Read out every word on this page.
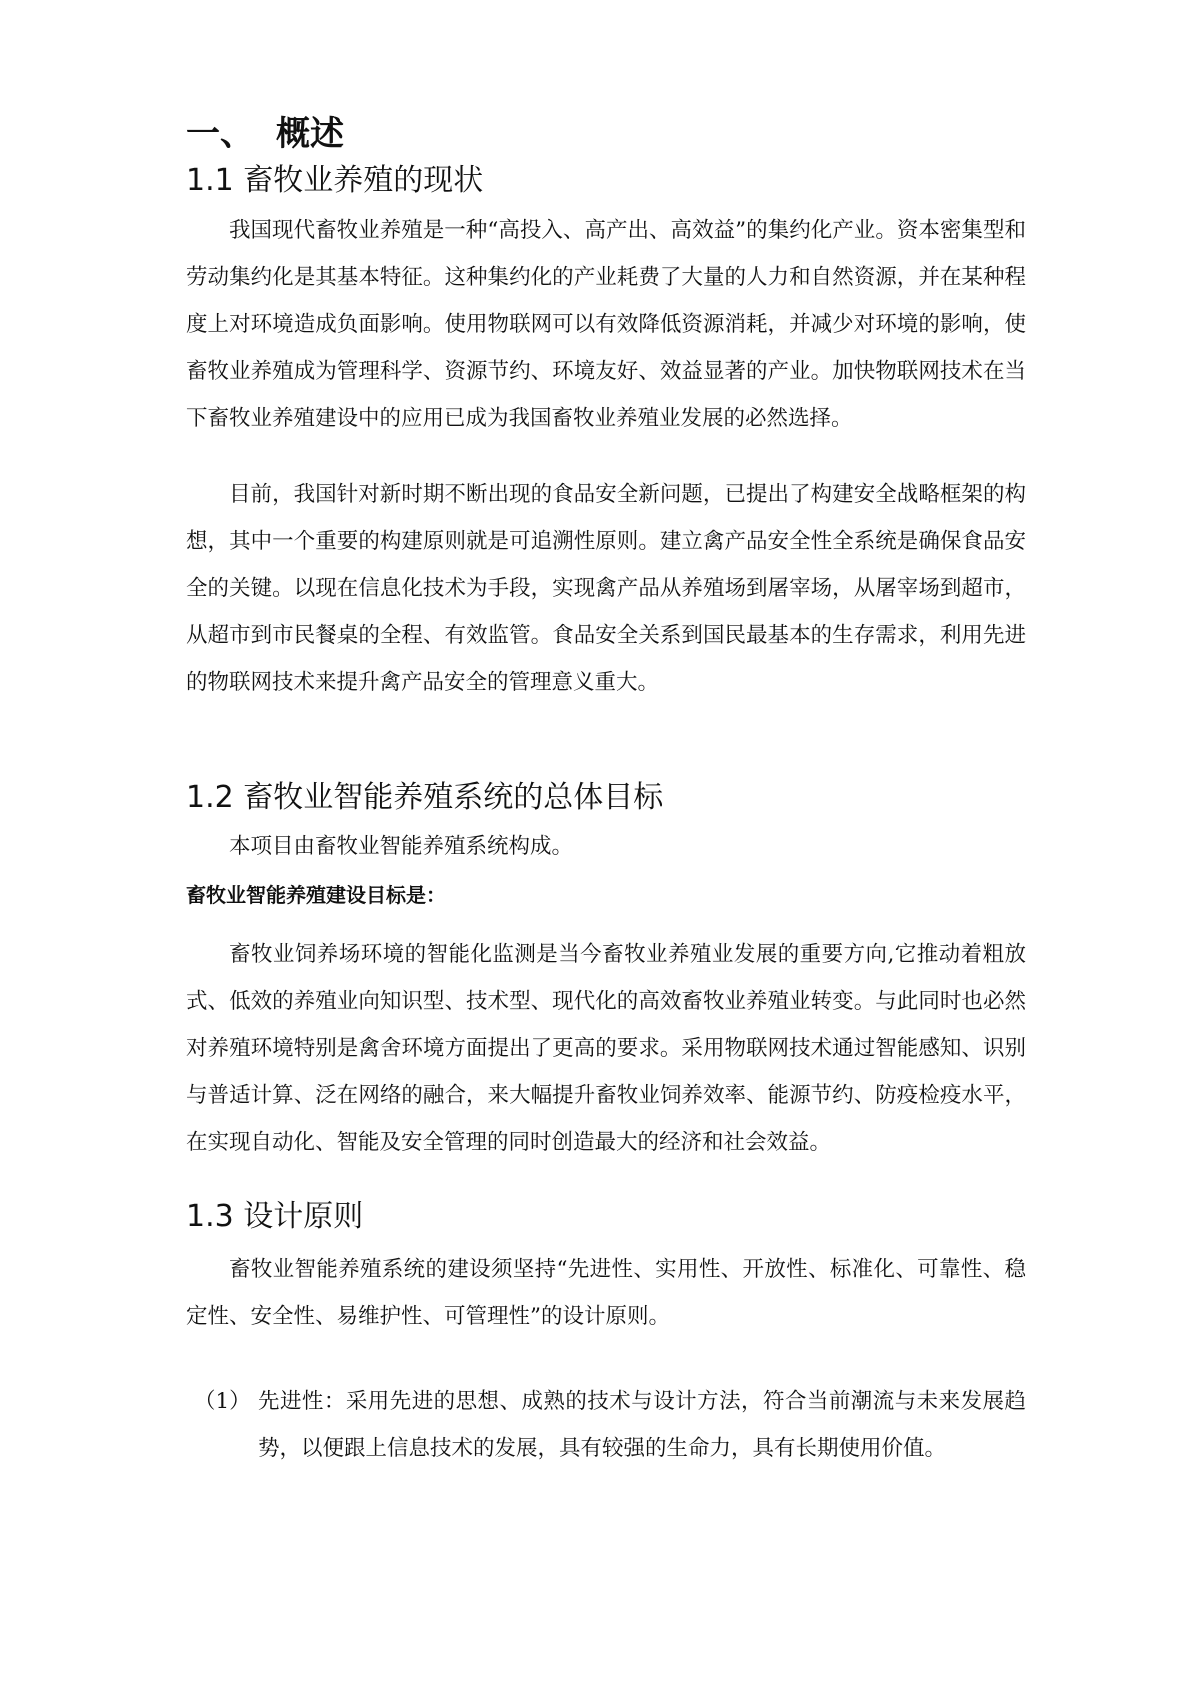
一、 概述
1.1 畜牧业养殖的现状

我国现代畜牧业养殖是一种“高投入、高产出、高效益”的集约化产业。资本密集型和劳动集约化是其基本特征。这种集约化的产业耗费了大量的人力和自然资源，并在某种程度上对环境造成负面影响。使用物联网可以有效降低资源消耗，并减少对环境的影响，使畜牧业养殖成为管理科学、资源节约、环境友好、效益显著的产业。加快物联网技术在当下畜牧业养殖建设中的应用已成为我国畜牧业养殖业发展的必然选择。

目前，我国针对新时期不断出现的食品安全新问题，已提出了构建安全战略框架的构想，其中一个重要的构建原则就是可追溯性原则。建立禽产品安全性全系统是确保食品安全的关键。以现在信息化技术为手段，实现禽产品从养殖场到屠宰场，从屠宰场到超市，从超市到市民餐桌的全程、有效监管。食品安全关系到国民最基本的生存需求，利用先进的物联网技术来提升禽产品安全的管理意义重大。

1.2 畜牧业智能养殖系统的总体目标

本项目由畜牧业智能养殖系统构成。

畜牧业智能养殖建设目标是：

畜牧业饲养场环境的智能化监测是当今畜牧业养殖业发展的重要方向,它推动着粗放式、低效的养殖业向知识型、技术型、现代化的高效畜牧业养殖业转变。与此同时也必然对养殖环境特别是禽舍环境方面提出了更高的要求。采用物联网技术通过智能感知、识别与普适计算、泛在网络的融合，来大幅提升畜牧业饲养效率、能源节约、防疫检疫水平，在实现自动化、智能及安全管理的同时创造最大的经济和社会效益。

1.3 设计原则

畜牧业智能养殖系统的建设须坚持“先进性、实用性、开放性、标准化、可靠性、稳定性、安全性、易维护性、可管理性”的设计原则。

（1） 先进性：采用先进的思想、成熟的技术与设计方法，符合当前潮流与未来发展趋势，以便跟上信息技术的发展，具有较强的生命力，具有长期使用价值。
